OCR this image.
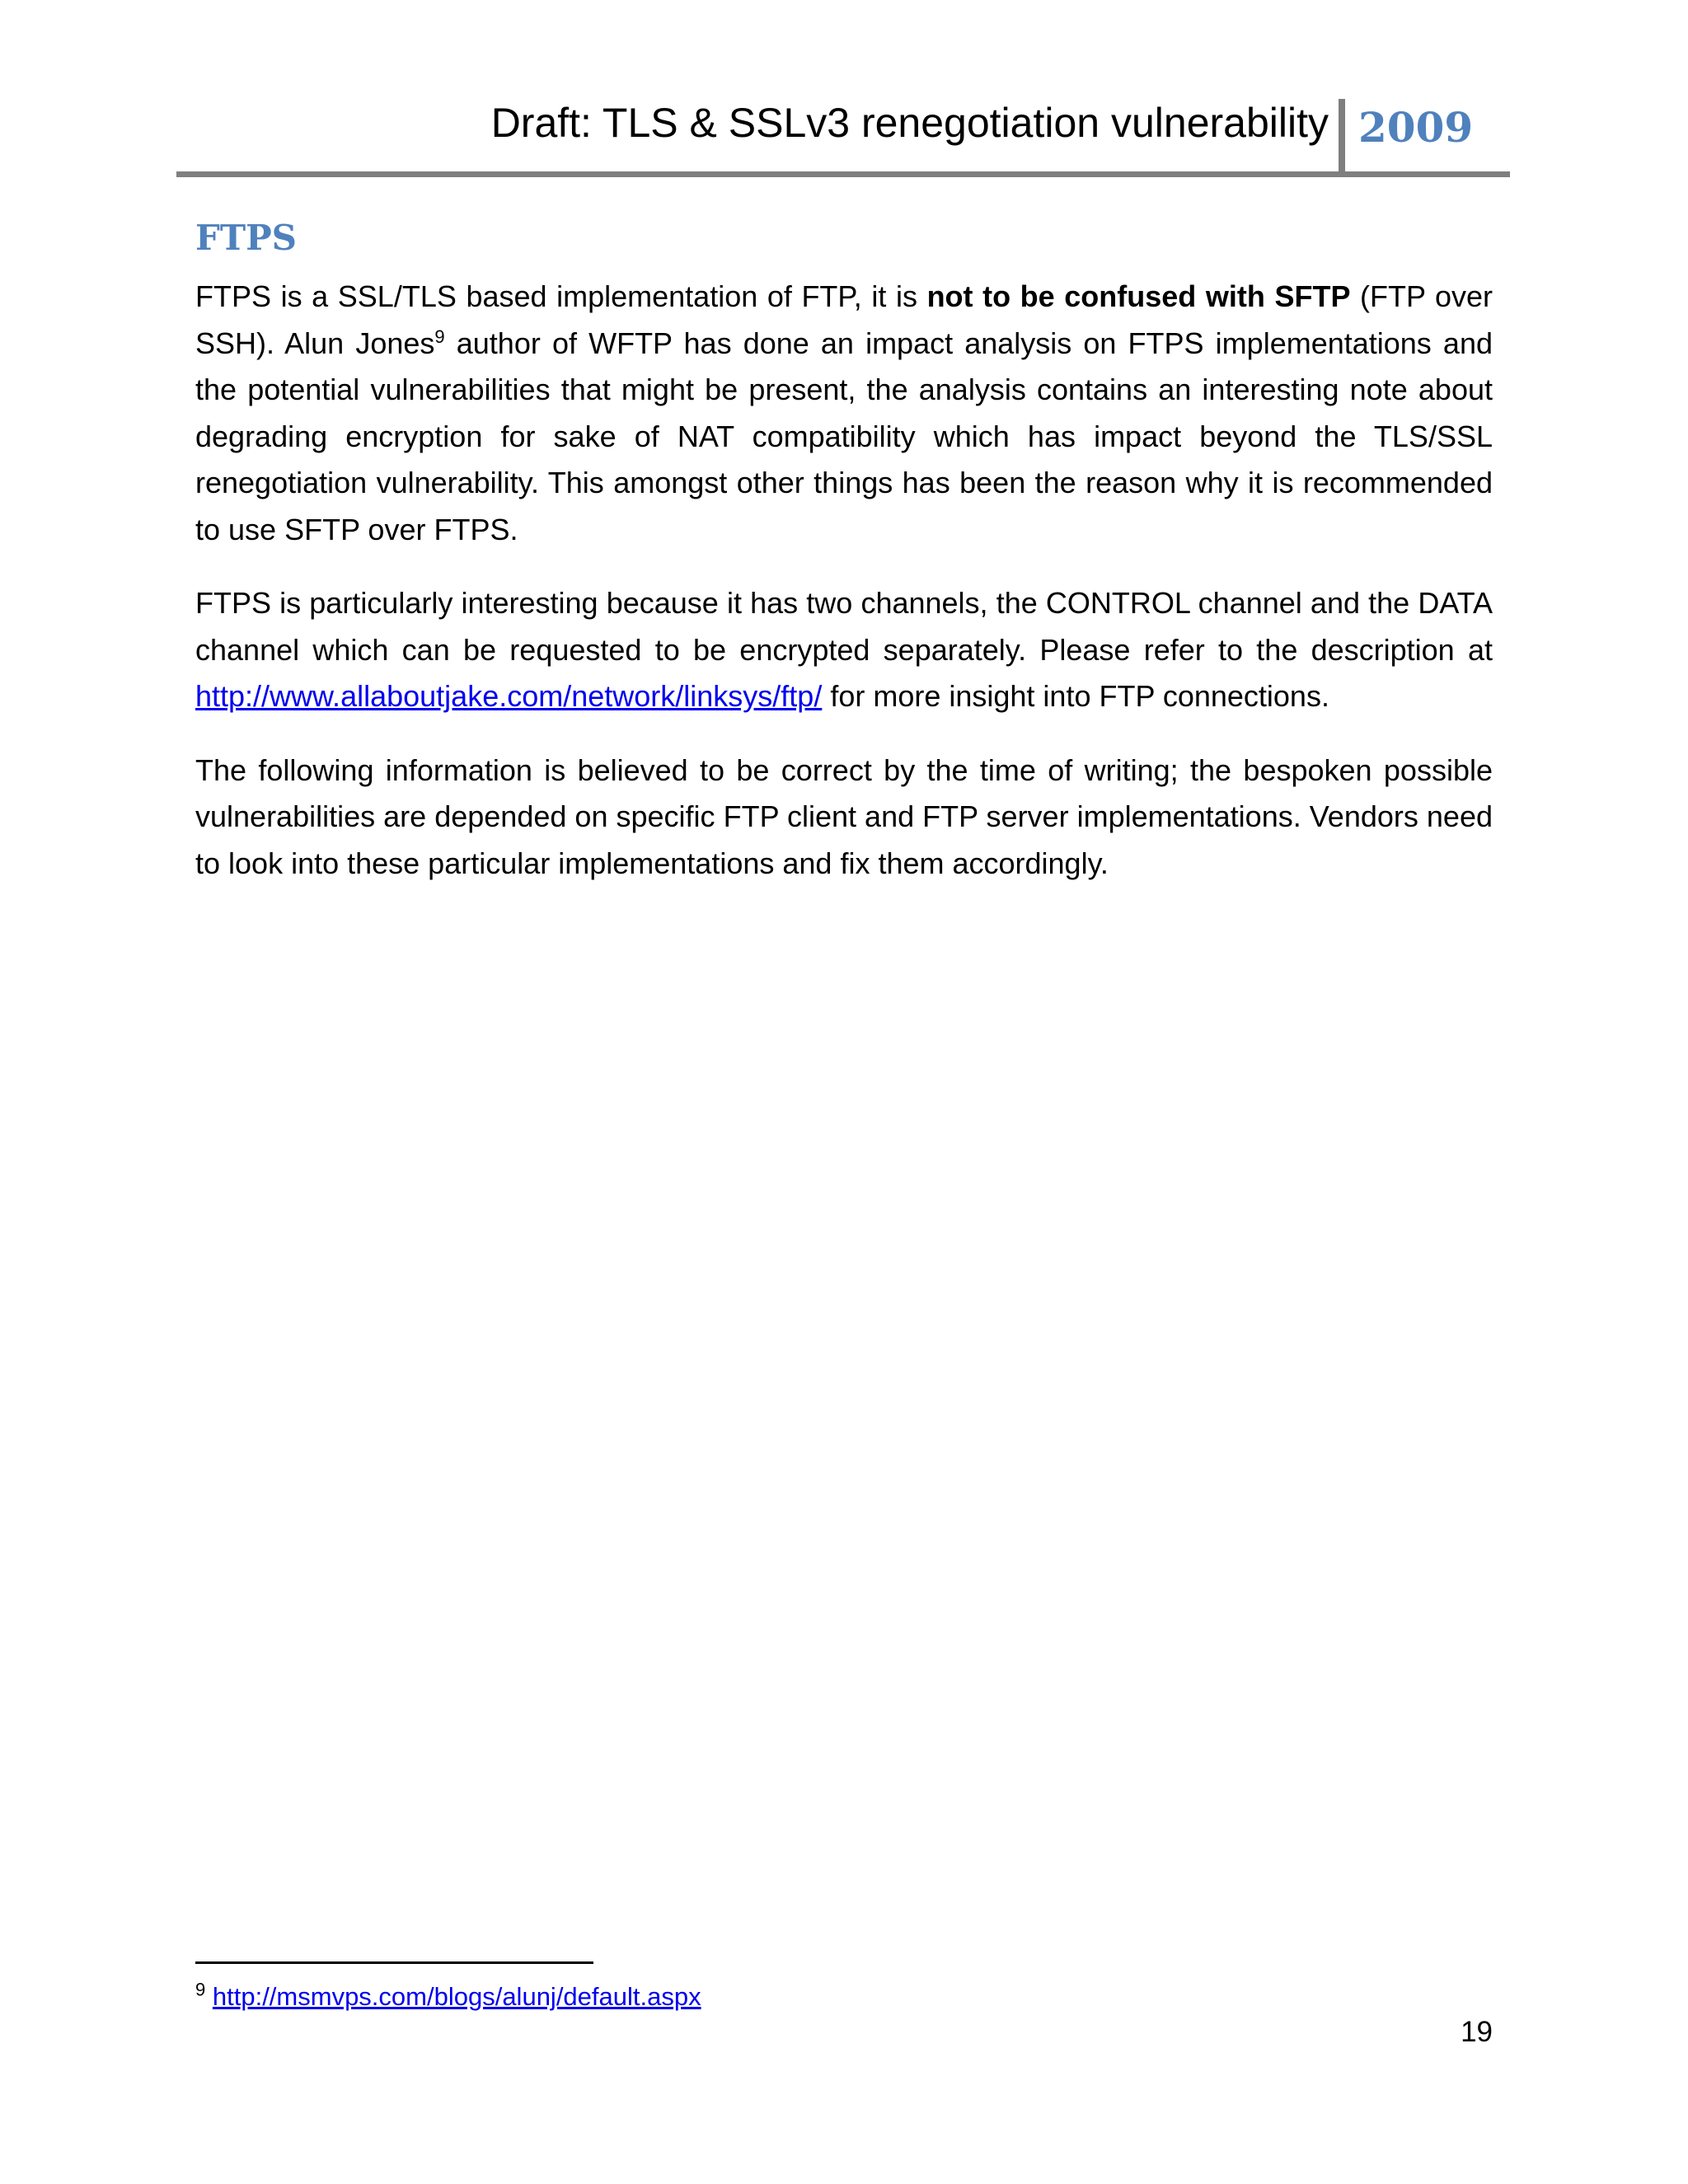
Draft: TLS & SSLv3 renegotiation vulnerability 2009
FTPS

FTPS is a SSL/TLS based implementation of FTP, it is not to be confused with SFTP (FTP over SSH). Alun Jones$^9$ author of WFTP has done an impact analysis on FTPS implementations and the potential vulnerabilities that might be present, the analysis contains an interesting note about degrading encryption for sake of NAT compatibility which has impact beyond the TLS/SSL renegotiation vulnerability. This amongst other things has been the reason why it is recommended to use SFTP over FTPS.

FTPS is particularly interesting because it has two channels, the CONTROL channel and the DATA channel which can be requested to be encrypted separately. Please refer to the description at http://www.allaboutjake.com/network/linksys/ftp/ for more insight into FTP connections.

The following information is believed to be correct by the time of writing; the bespoken possible vulnerabilities are depended on specific FTP client and FTP server implementations. Vendors need to look into these particular implementations and fix them accordingly.

$^9$ http://msmvps.com/blogs/alunj/default.aspx
19
